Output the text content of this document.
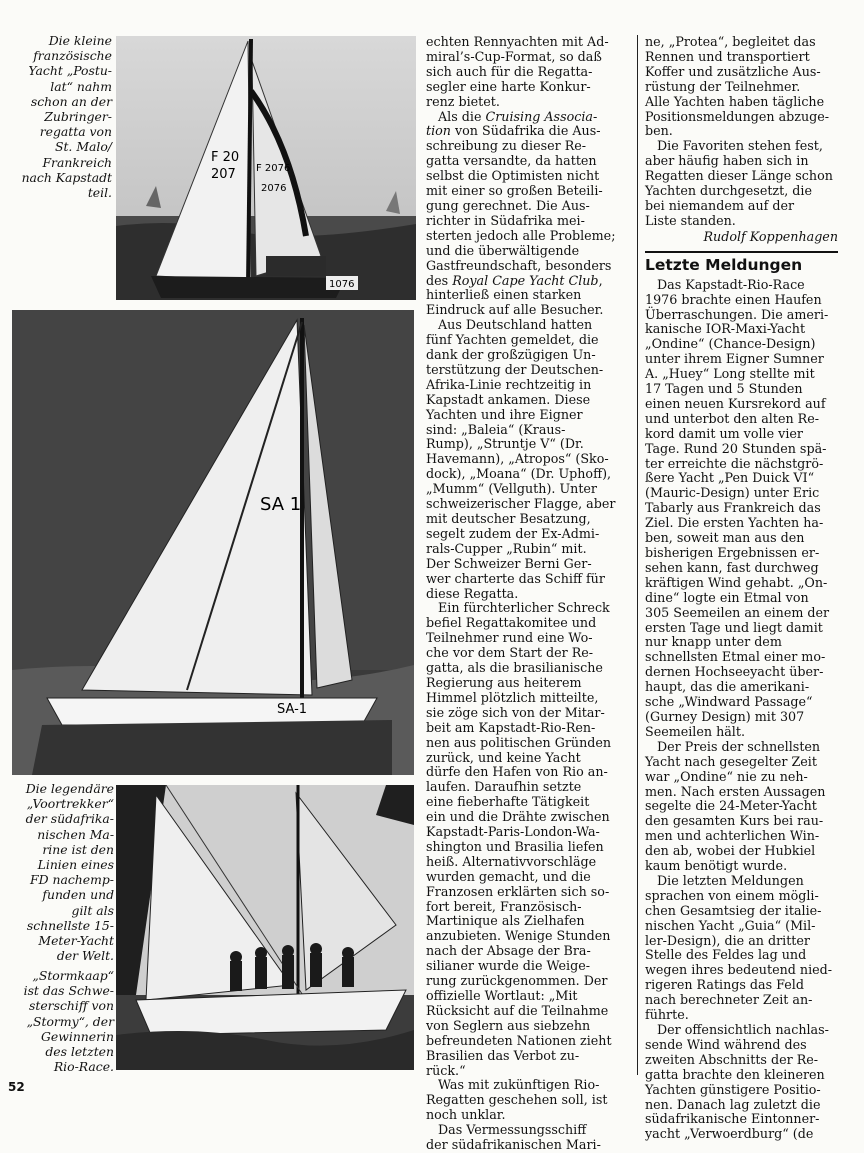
F 20
207 F 2076
2076
1076
Die kleine
französische
Yacht „Postu-
lat“ nahm
schon an der
Zubringer-
regatta von
St. Malo/
Frankreich
nach Kapstadt
teil.
SA 1
SA-1
Die legendäre
„Voortrekker“
der südafrika-
nischen Ma-
rine ist den
Linien eines
FD nachemp-
funden und
gilt als
schnellste 15-
Meter-Yacht
der Welt.
„Stormkaap“
ist das Schwe-
sterschiff von
„Stormy“, der
Gewinnerin
des letzten
Rio-Race.

echten Rennyachten mit Ad-
miral’s-Cup-Format, so daß
sich auch für die Regatta-
segler eine harte Konkur-
renz bietet.

Als die Cruising Associa-
tion von Südafrika die Aus-
schreibung zu dieser Re-
gatta versandte, da hatten
selbst die Optimisten nicht
mit einer so großen Beteili-
gung gerechnet. Die Aus-
richter in Südafrika mei-
sterten jedoch alle Probleme;
und die überwältigende
Gastfreundschaft, besonders
des Royal Cape Yacht Club,
hinterließ einen starken
Eindruck auf alle Besucher.

Aus Deutschland hatten
fünf Yachten gemeldet, die
dank der großzügigen Un-
terstützung der Deutschen-
Afrika-Linie rechtzeitig in
Kapstadt ankamen. Diese
Yachten und ihre Eigner
sind: „Baleia“ (Kraus-
Rump), „Struntje V“ (Dr.
Havemann), „Atropos“ (Sko-
dock), „Moana“ (Dr. Uphoff),
„Mumm“ (Vellguth). Unter
schweizerischer Flagge, aber
mit deutscher Besatzung,
segelt zudem der Ex-Admi-
rals-Cupper „Rubin“ mit.
Der Schweizer Berni Ger-
wer charterte das Schiff für
diese Regatta.

Ein fürchterlicher Schreck
befiel Regattakomitee und
Teilnehmer rund eine Wo-
che vor dem Start der Re-
gatta, als die brasilianische
Regierung aus heiterem
Himmel plötzlich mitteilte,
sie zöge sich von der Mitar-
beit am Kapstadt-Rio-Ren-
nen aus politischen Gründen
zurück, und keine Yacht
dürfe den Hafen von Rio an-
laufen. Daraufhin setzte
eine fieberhafte Tätigkeit
ein und die Drähte zwischen
Kapstadt-Paris-London-Wa-
shington und Brasilia liefen
heiß. Alternativvorschläge
wurden gemacht, und die
Franzosen erklärten sich so-
fort bereit, Französisch-
Martinique als Zielhafen
anzubieten. Wenige Stunden
nach der Absage der Bra-
silianer wurde die Weige-
rung zurückgenommen. Der
offizielle Wortlaut: „Mit
Rücksicht auf die Teilnahme
von Seglern aus siebzehn
befreundeten Nationen zieht
Brasilien das Verbot zu-
rück.“

Was mit zukünftigen Rio-
Regatten geschehen soll, ist
noch unklar.

Das Vermessungsschiff
der südafrikanischen Mari-

ne, „Protea“, begleitet das
Rennen und transportiert
Koffer und zusätzliche Aus-
rüstung der Teilnehmer.
Alle Yachten haben tägliche
Positionsmeldungen abzuge-
ben.

Die Favoriten stehen fest,
aber häufig haben sich in
Regatten dieser Länge schon
Yachten durchgesetzt, die
bei niemandem auf der
Liste standen.

Rudolf Koppenhagen
Letzte Meldungen

Das Kapstadt-Rio-Race
1976 brachte einen Haufen
Überraschungen. Die ameri-
kanische IOR-Maxi-Yacht
„Ondine“ (Chance-Design)
unter ihrem Eigner Sumner
A. „Huey“ Long stellte mit
17 Tagen und 5 Stunden
einen neuen Kursrekord auf
und unterbot den alten Re-
kord damit um volle vier
Tage. Rund 20 Stunden spä-
ter erreichte die nächstgrö-
ßere Yacht „Pen Duick VI“
(Mauric-Design) unter Eric
Tabarly aus Frankreich das
Ziel. Die ersten Yachten ha-
ben, soweit man aus den
bisherigen Ergebnissen er-
sehen kann, fast durchweg
kräftigen Wind gehabt. „On-
dine“ logte ein Etmal von
305 Seemeilen an einem der
ersten Tage und liegt damit
nur knapp unter dem
schnellsten Etmal einer mo-
dernen Hochseeyacht über-
haupt, das die amerikani-
sche „Windward Passage“
(Gurney Design) mit 307
Seemeilen hält.

Der Preis der schnellsten
Yacht nach gesegelter Zeit
war „Ondine“ nie zu neh-
men. Nach ersten Aussagen
segelte die 24-Meter-Yacht
den gesamten Kurs bei rau-
men und achterlichen Win-
den ab, wobei der Hubkiel
kaum benötigt wurde.

Die letzten Meldungen
sprachen von einem mögli-
chen Gesamtsieg der italie-
nischen Yacht „Guia“ (Mil-
ler-Design), die an dritter
Stelle des Feldes lag und
wegen ihres bedeutend nied-
rigeren Ratings das Feld
nach berechneter Zeit an-
führte.

Der offensichtlich nachlas-
sende Wind während des
zweiten Abschnitts der Re-
gatta brachte den kleineren
Yachten günstigere Positio-
nen. Danach lag zuletzt die
südafrikanische Eintonner-
yacht „Verwoerdburg“ (de

52
